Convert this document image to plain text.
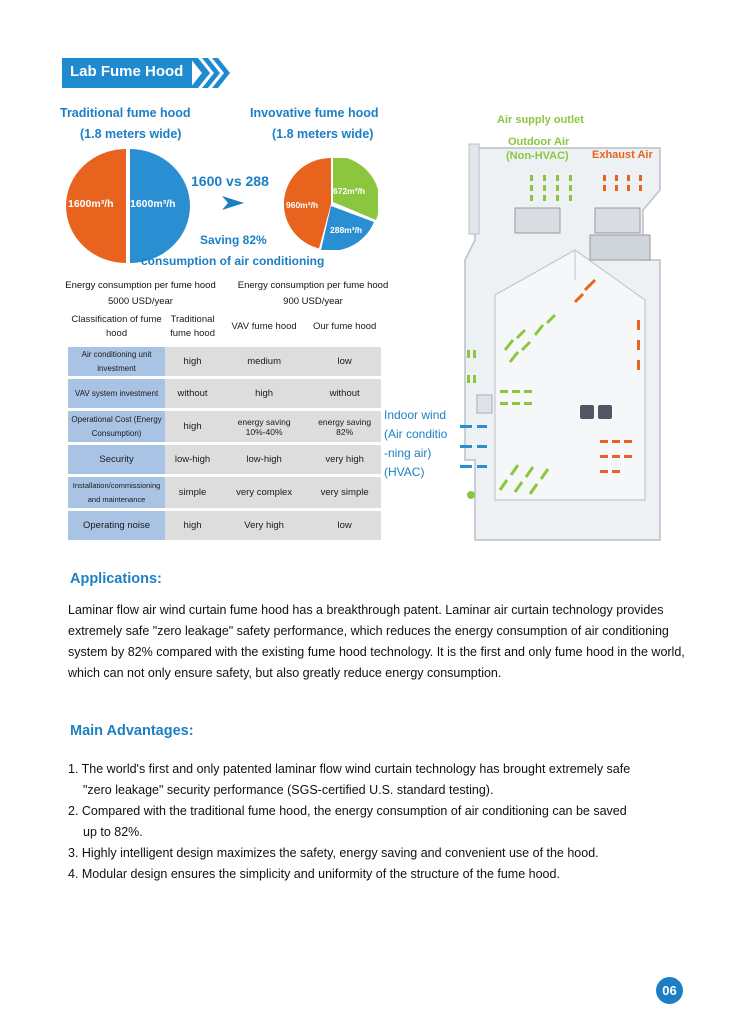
Lab Fume Hood
Traditional fume hood
(1.8 meters wide)
Invovative fume hood
(1.8 meters wide)
1600m³/h 1600m³/h
1600 vs 288
960m³/h
672m³/h
288m³/h
Saving 82%
consumption of air conditioning
Energy consumption per fume hood
5000 USD/year
Energy consumption per fume hood
900 USD/year
Classification of fume hood	Traditional fume hood	VAV fume hood	Our fume hood
Air conditioning unit investment	high	medium	low
VAV system investment	without	high	without
Operational Cost (Energy Consumption)	high	energy saving 10%-40%	energy saving 82%
Security	low-high	low-high	very high
Installation/commissioning and maintenance	simple	very complex	very simple
Operating noise	high	Very high	low
Air supply outlet
Outdoor Air
(Non-HVAC) Exhaust Air
Indoor wind
(Air conditio
-ning air)
(HVAC)
Applications:
Laminar flow air wind curtain fume hood has a breakthrough patent. Laminar air curtain technology provides extremely safe "zero leakage" safety performance, which reduces the energy consumption of air conditioning system by 82% compared with the existing fume hood technology. It is the first and only fume hood in the world, which can not only ensure safety, but also greatly reduce energy consumption.
Main Advantages:
1. The world's first and only patented laminar flow wind curtain technology has brought extremely safe
"zero leakage" security performance (SGS-certified U.S. standard testing).
2. Compared with the traditional fume hood, the energy consumption of air conditioning can be saved
up to 82%.
3. Highly intelligent design maximizes the safety, energy saving and convenient use of the hood.
4. Modular design ensures the simplicity and uniformity of the structure of the fume hood.
06
